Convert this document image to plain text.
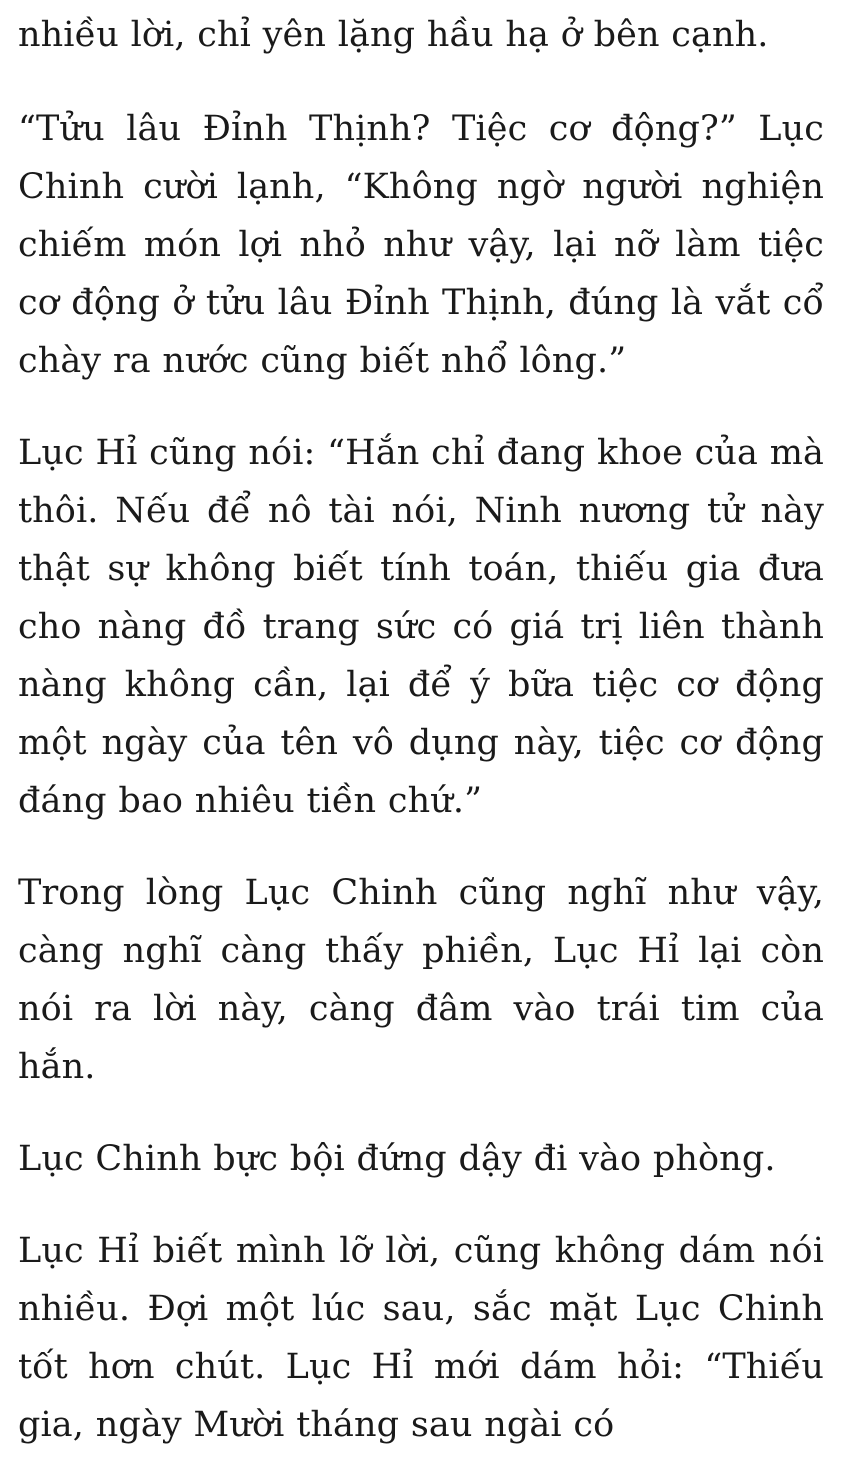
nhiều lời, chỉ yên lặng hầu hạ ở bên cạnh.

“Tửu lâu Đỉnh Thịnh? Tiệc cơ động?” Lục Chinh cười lạnh, “Không ngờ người nghiện chiếm món lợi nhỏ như vậy, lại nỡ làm tiệc cơ động ở tửu lâu Đỉnh Thịnh, đúng là vắt cổ chày ra nước cũng biết nhổ lông.”

Lục Hỉ cũng nói: “Hắn chỉ đang khoe của mà thôi. Nếu để nô tài nói, Ninh nương tử này thật sự không biết tính toán, thiếu gia đưa cho nàng đồ trang sức có giá trị liên thành nàng không cần, lại để ý bữa tiệc cơ động một ngày của tên vô dụng này, tiệc cơ động đáng bao nhiêu tiền chứ.”

Trong lòng Lục Chinh cũng nghĩ như vậy, càng nghĩ càng thấy phiền, Lục Hỉ lại còn nói ra lời này, càng đâm vào trái tim của hắn.

Lục Chinh bực bội đứng dậy đi vào phòng.

Lục Hỉ biết mình lỡ lời, cũng không dám nói nhiều. Đợi một lúc sau, sắc mặt Lục Chinh tốt hơn chút. Lục Hỉ mới dám hỏi: “Thiếu gia, ngày Mười tháng sau ngài có
